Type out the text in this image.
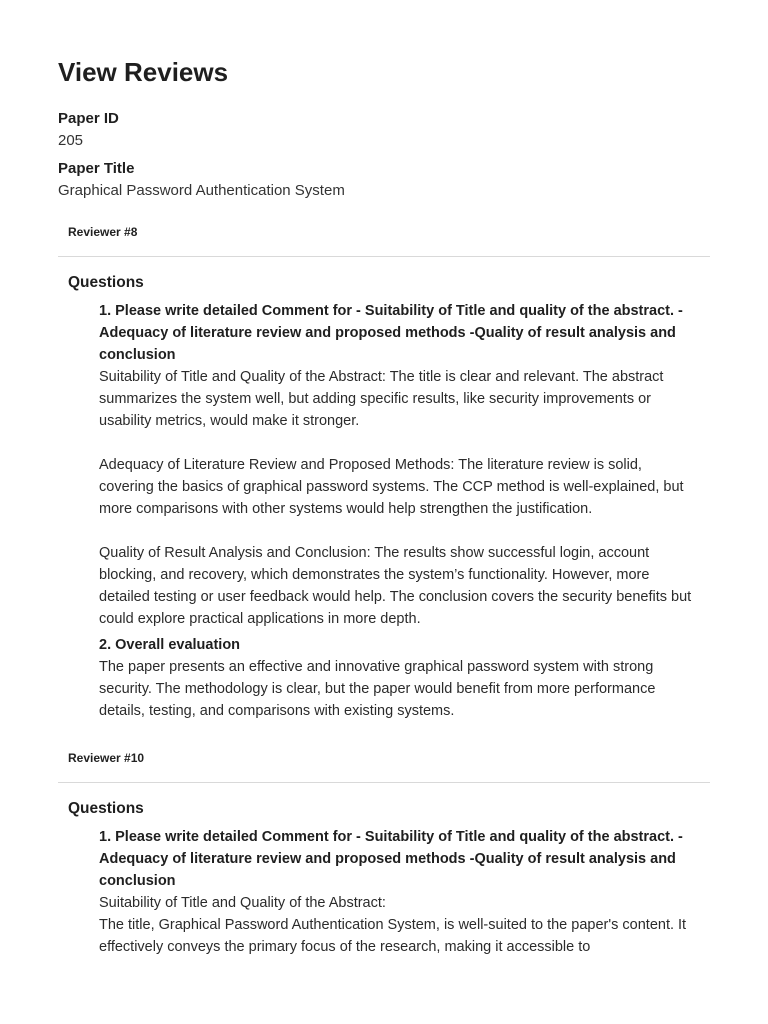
View Reviews
Paper ID
205
Paper Title
Graphical Password Authentication System
Reviewer #8
Questions
1. Please write detailed Comment for - Suitability of Title and quality of the abstract. -Adequacy of literature review and proposed methods -Quality of result analysis and conclusion

Suitability of Title and Quality of the Abstract: The title is clear and relevant. The abstract summarizes the system well, but adding specific results, like security improvements or usability metrics, would make it stronger.

Adequacy of Literature Review and Proposed Methods: The literature review is solid, covering the basics of graphical password systems. The CCP method is well-explained, but more comparisons with other systems would help strengthen the justification.

Quality of Result Analysis and Conclusion: The results show successful login, account blocking, and recovery, which demonstrates the system’s functionality. However, more detailed testing or user feedback would help. The conclusion covers the security benefits but could explore practical applications in more depth.

2. Overall evaluation

The paper presents an effective and innovative graphical password system with strong security. The methodology is clear, but the paper would benefit from more performance details, testing, and comparisons with existing systems.

Reviewer #10
Questions
1. Please write detailed Comment for - Suitability of Title and quality of the abstract. -Adequacy of literature review and proposed methods -Quality of result analysis and conclusion
Suitability of Title and Quality of the Abstract:
The title, Graphical Password Authentication System, is well-suited to the paper's content. It effectively conveys the primary focus of the research, making it accessible to
